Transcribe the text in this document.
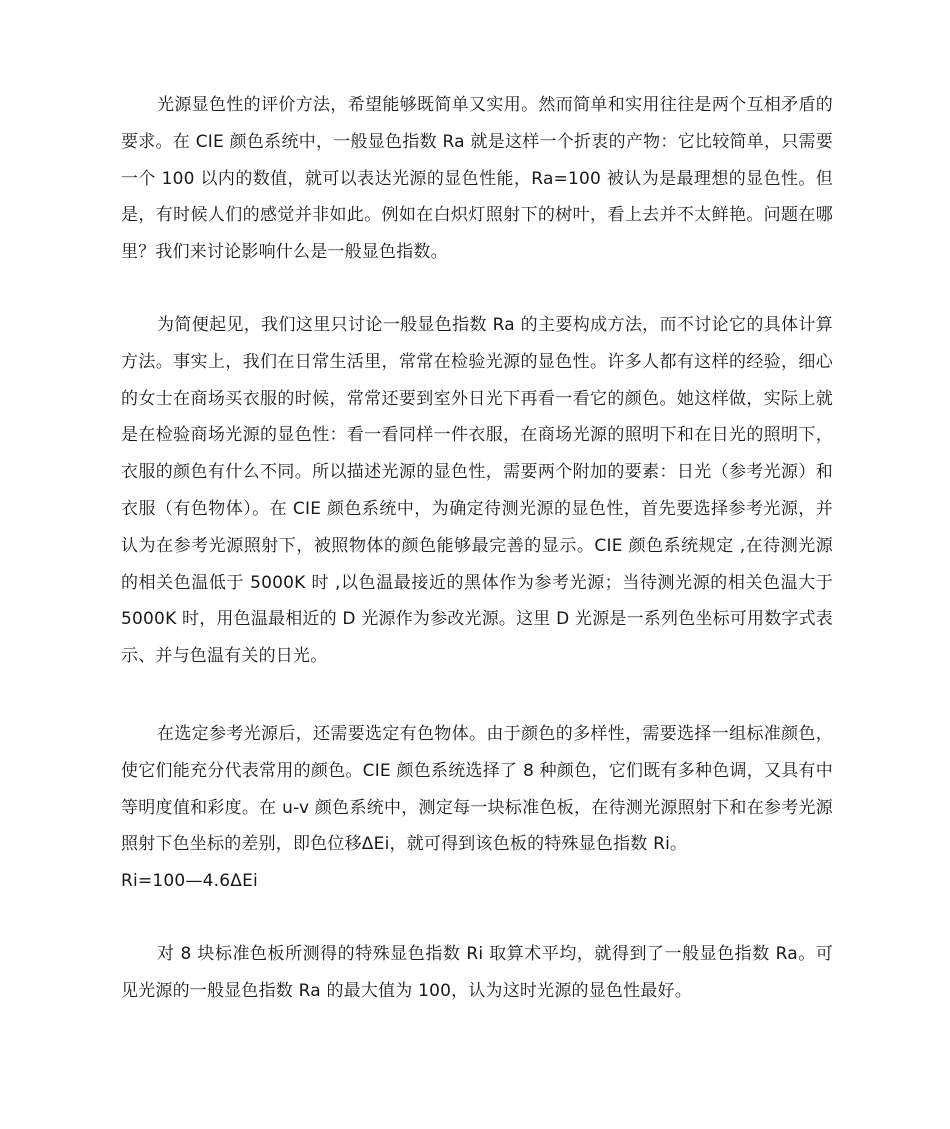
光源显色性的评价方法，希望能够既简单又实用。然而简单和实用往往是两个互相矛盾的要求。在 CIE 颜色系统中，一般显色指数 Ra 就是这样一个折衷的产物：它比较简单，只需要一个 100 以内的数值，就可以表达光源的显色性能，Ra=100 被认为是最理想的显色性。但是，有时候人们的感觉并非如此。例如在白炽灯照射下的树叶，看上去并不太鲜艳。问题在哪里？我们来讨论影响什么是一般显色指数。

为简便起见，我们这里只讨论一般显色指数 Ra 的主要构成方法，而不讨论它的具体计算方法。事实上，我们在日常生活里，常常在检验光源的显色性。许多人都有这样的经验，细心的女士在商场买衣服的时候，常常还要到室外日光下再看一看它的颜色。她这样做，实际上就是在检验商场光源的显色性：看一看同样一件衣服，在商场光源的照明下和在日光的照明下，衣服的颜色有什么不同。所以描述光源的显色性，需要两个附加的要素：日光（参考光源）和衣服（有色物体）。在 CIE 颜色系统中，为确定待测光源的显色性，首先要选择参考光源，并认为在参考光源照射下，被照物体的颜色能够最完善的显示。CIE 颜色系统规定 ,在待测光源的相关色温低于 5000K 时 ,以色温最接近的黑体作为参考光源；当待测光源的相关色温大于 5000K 时，用色温最相近的 D 光源作为参改光源。这里 D 光源是一系列色坐标可用数字式表示、并与色温有关的日光。

在选定参考光源后，还需要选定有色物体。由于颜色的多样性，需要选择一组标准颜色，使它们能充分代表常用的颜色。CIE 颜色系统选择了 8 种颜色，它们既有多种色调，又具有中等明度值和彩度。在 u-v 颜色系统中，测定每一块标准色板，在待测光源照射下和在参考光源照射下色坐标的差别，即色位移ΔEi，就可得到该色板的特殊显色指数 Ri。
Ri=100—4.6ΔEi

对 8 块标准色板所测得的特殊显色指数 Ri 取算术平均，就得到了一般显色指数 Ra。可见光源的一般显色指数 Ra 的最大值为 100，认为这时光源的显色性最好。
